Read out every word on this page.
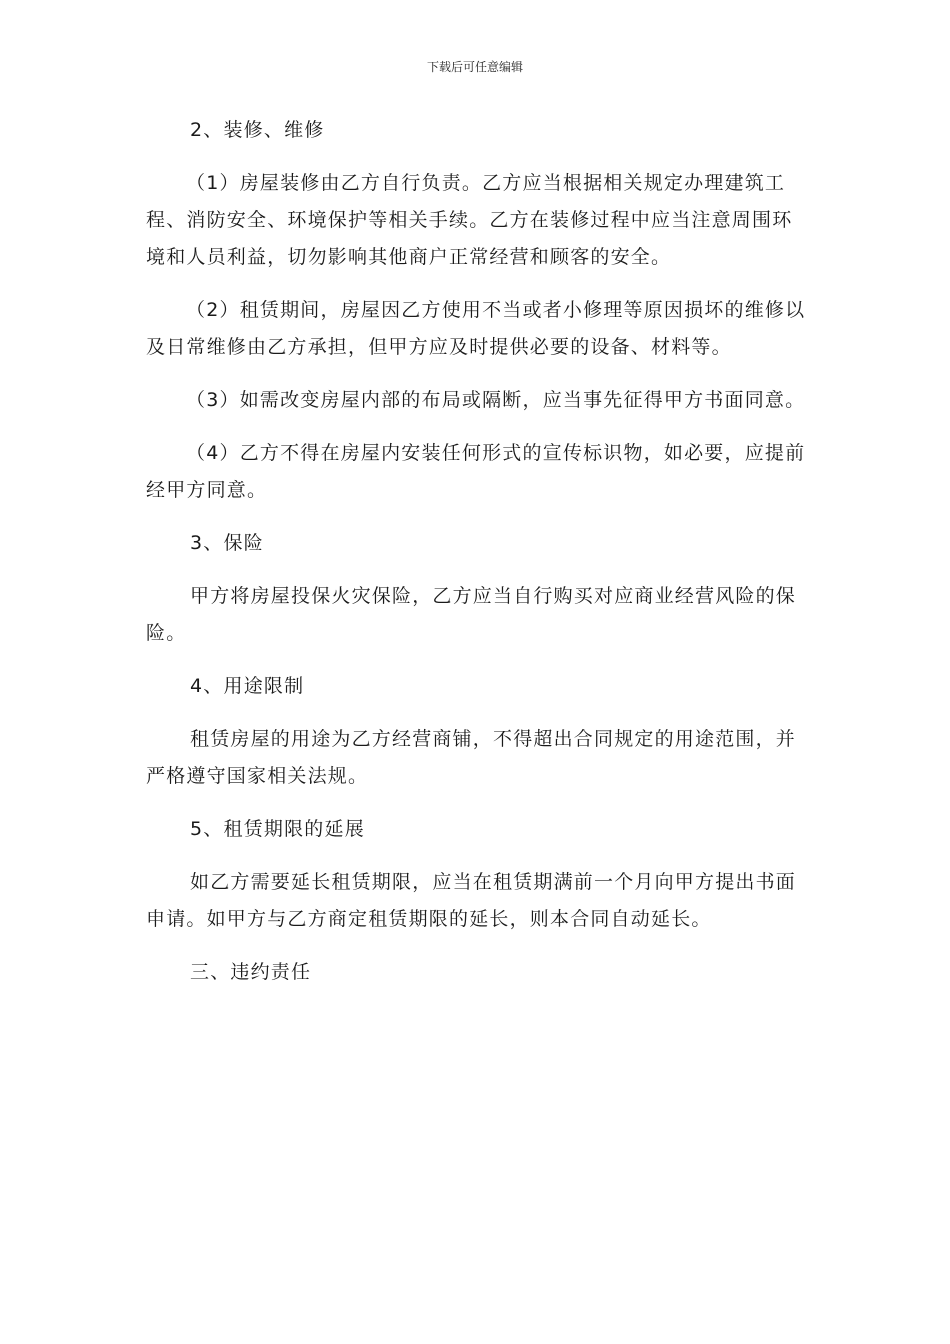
下载后可任意编辑

2、装修、维修

（1）房屋装修由乙方自行负责。乙方应当根据相关规定办理建筑工程、消防安全、环境保护等相关手续。乙方在装修过程中应当注意周围环境和人员利益，切勿影响其他商户正常经营和顾客的安全。

（2）租赁期间，房屋因乙方使用不当或者小修理等原因损坏的维修以及日常维修由乙方承担，但甲方应及时提供必要的设备、材料等。

（3）如需改变房屋内部的布局或隔断，应当事先征得甲方书面同意。

（4）乙方不得在房屋内安装任何形式的宣传标识物，如必要，应提前经甲方同意。

3、保险

甲方将房屋投保火灾保险，乙方应当自行购买对应商业经营风险的保险。

4、用途限制

租赁房屋的用途为乙方经营商铺，不得超出合同规定的用途范围，并严格遵守国家相关法规。

5、租赁期限的延展

如乙方需要延长租赁期限，应当在租赁期满前一个月向甲方提出书面申请。如甲方与乙方商定租赁期限的延长，则本合同自动延长。

三、违约责任
